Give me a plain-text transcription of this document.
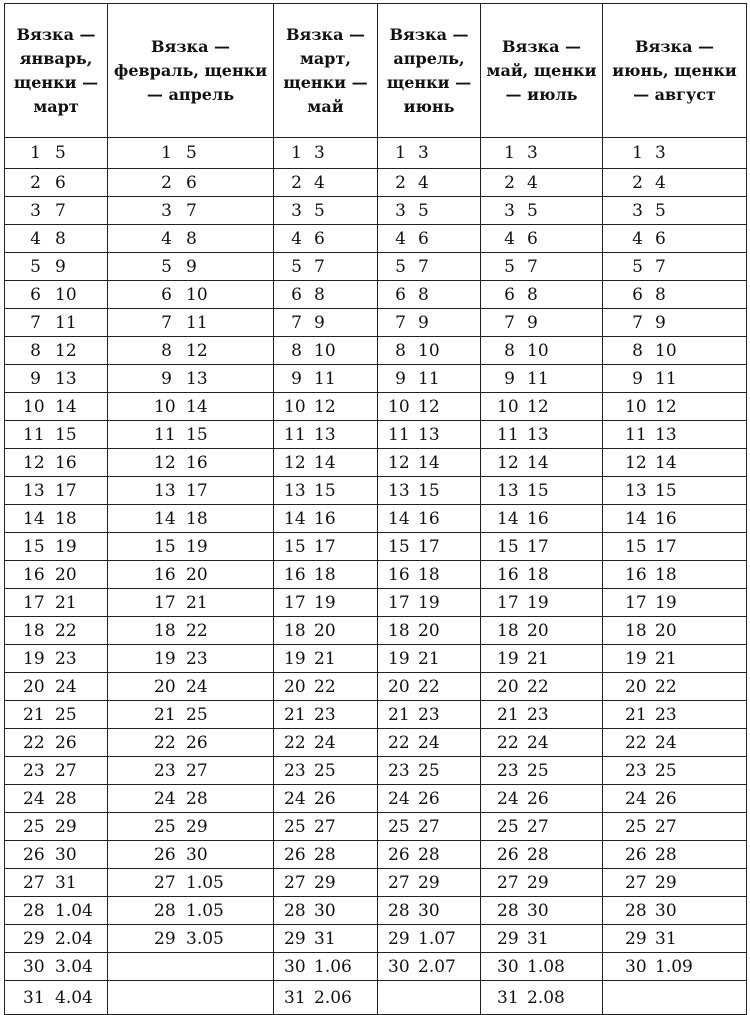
Вязка — январь, щенки — март	Вязка — февраль, щенки — апрель	Вязка — март, щенки — май	Вязка — апрель, щенки — июнь	Вязка — май, щенки — июль	Вязка — июнь, щенки — август

1 5	1 5	1 3	1 3	1 3	1 3

2 6	2 6	2 4	2 4	2 4	2 4

3 7	3 7	3 5	3 5	3 5	3 5

4 8	4 8	4 6	4 6	4 6	4 6

5 9	5 9	5 7	5 7	5 7	5 7

6 10	6 10	6 8	6 8	6 8	6 8

7 11	7 11	7 9	7 9	7 9	7 9

8 12	8 12	8 10	8 10	8 10	8 10

9 13	9 13	9 11	9 11	9 11	9 11

10 14	10 14	10 12	10 12	10 12	10 12

11 15	11 15	11 13	11 13	11 13	11 13

12 16	12 16	12 14	12 14	12 14	12 14

13 17	13 17	13 15	13 15	13 15	13 15

14 18	14 18	14 16	14 16	14 16	14 16

15 19	15 19	15 17	15 17	15 17	15 17

16 20	16 20	16 18	16 18	16 18	16 18

17 21	17 21	17 19	17 19	17 19	17 19

18 22	18 22	18 20	18 20	18 20	18 20

19 23	19 23	19 21	19 21	19 21	19 21

20 24	20 24	20 22	20 22	20 22	20 22

21 25	21 25	21 23	21 23	21 23	21 23

22 26	22 26	22 24	22 24	22 24	22 24

23 27	23 27	23 25	23 25	23 25	23 25

24 28	24 28	24 26	24 26	24 26	24 26

25 29	25 29	25 27	25 27	25 27	25 27

26 30	26 30	26 28	26 28	26 28	26 28

27 31	27 1.05	27 29	27 29	27 29	27 29

28 1.04	28 1.05	28 30	28 30	28 30	28 30

29 2.04	29 3.05	29 31	29 1.07	29 31	29 31

30 3.04		30 1.06	30 2.07	30 1.08	30 1.09

31 4.04		31 2.06		31 2.08	
